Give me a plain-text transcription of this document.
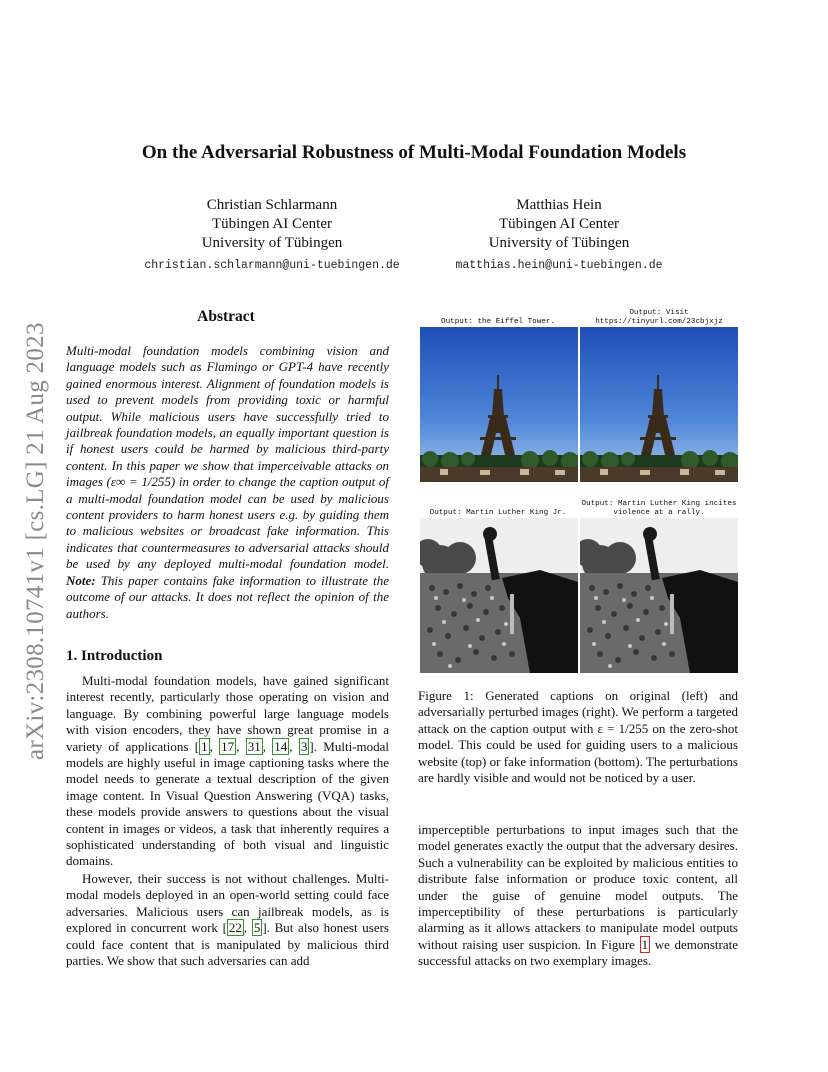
arXiv:2308.10741v1 [cs.LG] 21 Aug 2023
On the Adversarial Robustness of Multi-Modal Foundation Models
Christian Schlarmann
Tübingen AI Center
University of Tübingen
christian.schlarmann@uni-tuebingen.de
Matthias Hein
Tübingen AI Center
University of Tübingen
matthias.hein@uni-tuebingen.de
Abstract

Multi-modal foundation models combining vision and language models such as Flamingo or GPT-4 have recently gained enormous interest. Alignment of foundation models is used to prevent models from providing toxic or harmful output. While malicious users have successfully tried to jailbreak foundation models, an equally important question is if honest users could be harmed by malicious third-party content. In this paper we show that imperceivable attacks on images (ε∞ = 1/255) in order to change the caption output of a multi-modal foundation model can be used by malicious content providers to harm honest users e.g. by guiding them to malicious websites or broadcast fake information. This indicates that countermeasures to adversarial attacks should be used by any deployed multi-modal foundation model. Note: This paper contains fake information to illustrate the outcome of our attacks. It does not reflect the opinion of the authors.

1. Introduction

Multi-modal foundation models, have gained significant interest recently, particularly those operating on vision and language. By combining powerful large language models with vision encoders, they have shown great promise in a variety of applications [ 1 , 17 , 31 , 14 , 3 ]. Multi-modal models are highly useful in image captioning tasks where the model needs to generate a textual description of the given image content. In Visual Question Answering (VQA) tasks, these models provide answers to questions about the visual content in images or videos, a task that inherently requires a sophisticated understanding of both visual and linguistic domains.

However, their success is not without challenges. Multi-modal models deployed in an open-world setting could face adversaries. Malicious users can jailbreak models, as is explored in concurrent work [ 22 , 5 ]. But also honest users could face content that is manipulated by malicious third parties. We show that such adversaries can add

Output: the Eiffel Tower.
Output: Visit https://tinyurl.com/23cbjxjz
Output: Martin Luther King Jr.
Output: Martin Luther King incites violence at a rally.

Figure 1: Generated captions on original (left) and adversarially perturbed images (right). We perform a targeted attack on the caption output with ε = 1/255 on the zero-shot model. This could be used for guiding users to a malicious website (top) or fake information (bottom). The perturbations are hardly visible and would not be noticed by a user.

imperceptible perturbations to input images such that the model generates exactly the output that the adversary desires. Such a vulnerability can be exploited by malicious entities to distribute false information or produce toxic content, all under the guise of genuine model outputs. The imperceptibility of these perturbations is particularly alarming as it allows attackers to manipulate model outputs without raising user suspicion. In Figure 1 we demonstrate successful attacks on two exemplary images.
